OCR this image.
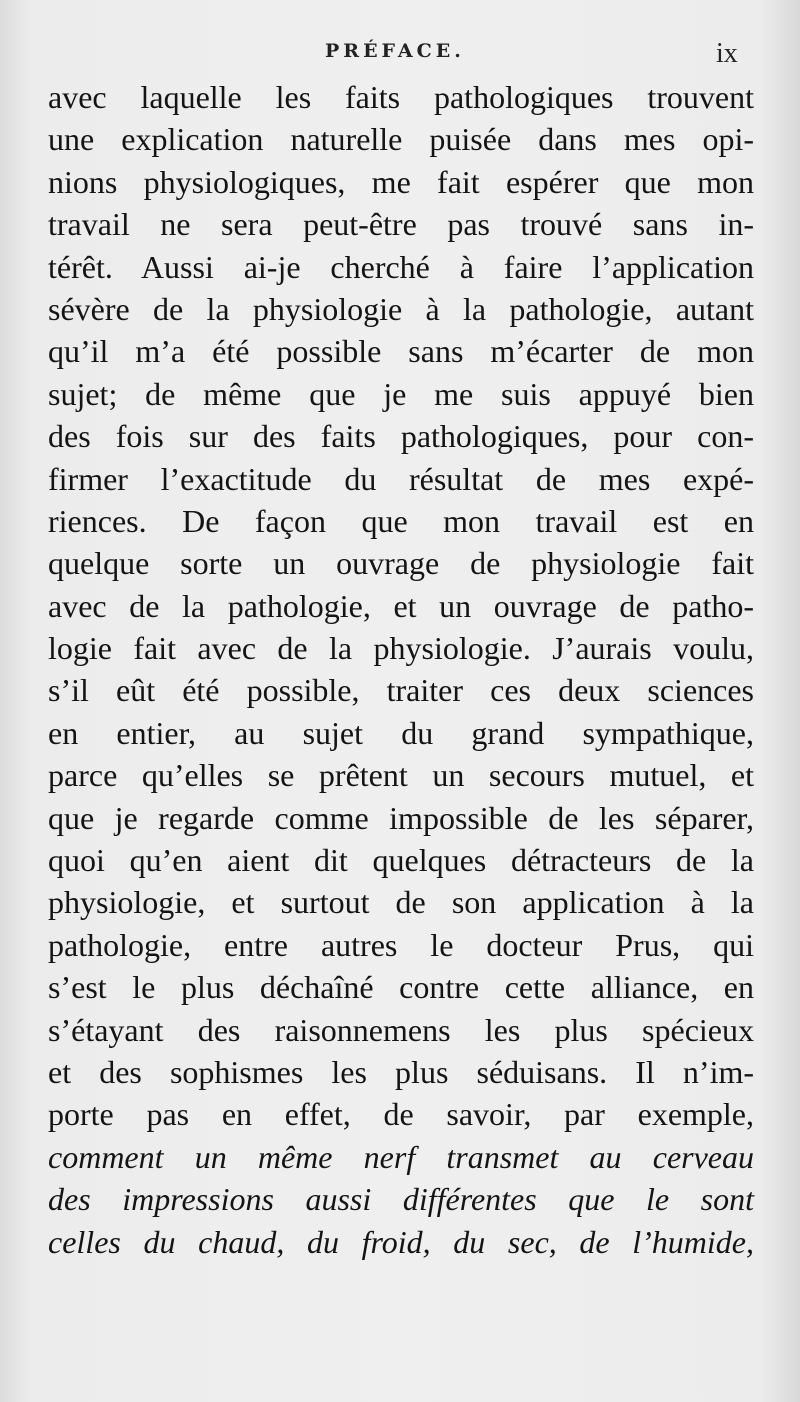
PRÉFACE.	ix
avec laquelle les faits pathologiques trouvent
une explication naturelle puisée dans mes opi-
nions physiologiques, me fait espérer que mon
travail ne sera peut-être pas trouvé sans in-
térêt. Aussi ai-je cherché à faire l’application
sévère de la physiologie à la pathologie, autant
qu’il m’a été possible sans m’écarter de mon
sujet; de même que je me suis appuyé bien
des fois sur des faits pathologiques, pour con-
firmer l’exactitude du résultat de mes expé-
riences. De façon que mon travail est en
quelque sorte un ouvrage de physiologie fait
avec de la pathologie, et un ouvrage de patho-
logie fait avec de la physiologie. J’aurais voulu,
s’il eût été possible, traiter ces deux sciences
en entier, au sujet du grand sympathique,
parce qu’elles se prêtent un secours mutuel, et
que je regarde comme impossible de les séparer,
quoi qu’en aient dit quelques détracteurs de la
physiologie, et surtout de son application à la
pathologie, entre autres le docteur Prus, qui
s’est le plus déchaîné contre cette alliance, en
s’étayant des raisonnemens les plus spécieux
et des sophismes les plus séduisans. Il n’im-
porte pas en effet, de savoir, par exemple,
comment un même nerf transmet au cerveau
des impressions aussi différentes que le sont
celles du chaud, du froid, du sec, de l’humide,
